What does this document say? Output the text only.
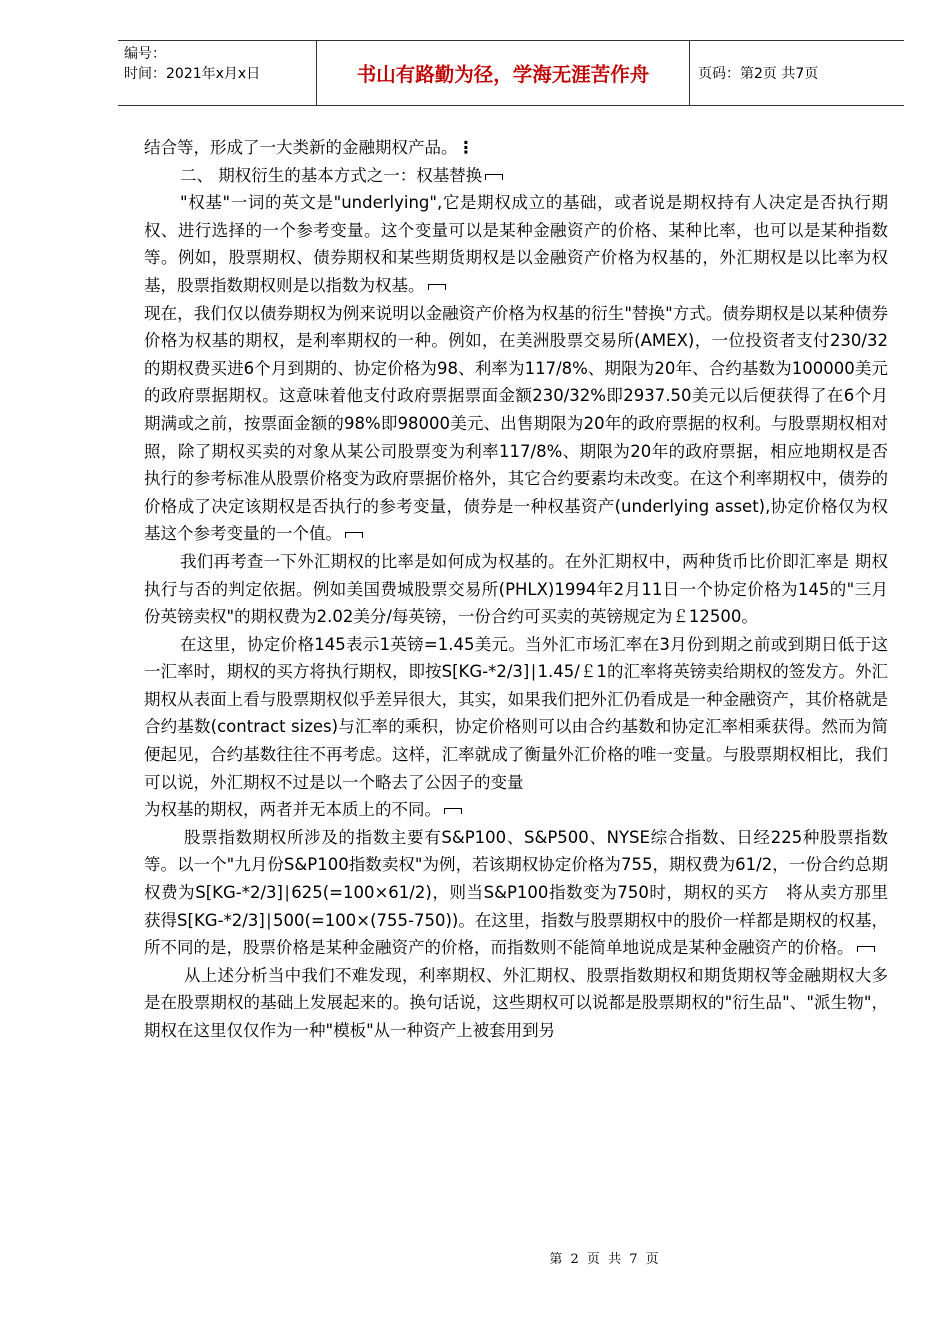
编号：
时间：2021年x月x日	书山有路勤为径，学海无涯苦作舟	页码：第2页 共7页

结合等，形成了一大类新的金融期权产品。⋮

二、 期权衍生的基本方式之一：权基替换

"权基"一词的英文是"underlying",它是期权成立的基础，或者说是期权持有人决定是否执行期权、进行选择的一个参考变量。这个变量可以是某种金融资产的价格、某种比率，也可以是某种指数等。例如，股票期权、债券期权和某些期货期权是以金融资产价格为权基的，外汇期权是以比率为权基，股票指数期权则是以指数为权基。

现在，我们仅以债券期权为例来说明以金融资产价格为权基的衍生"替换"方式。债券期权是以某种债券价格为权基的期权，是利率期权的一种。例如，在美洲股票交易所(AMEX)，一位投资者支付230/32的期权费买进6个月到期的、协定价格为98、利率为117/8%、期限为20年、合约基数为100000美元的政府票据期权。这意味着他支付政府票据票面金额230/32%即2937.50美元以后便获得了在6个月期满或之前，按票面金额的98%即98000美元、出售期限为20年的政府票据的权利。与股票期权相对照，除了期权买卖的对象从某公司股票变为利率117/8%、期限为20年的政府票据，相应地期权是否执行的参考标准从股票价格变为政府票据价格外，其它合约要素均未改变。在这个利率期权中，债券的价格成了决定该期权是否执行的参考变量，债券是一种权基资产(underlying asset),协定价格仅为权基这个参考变量的一个值。

我们再考查一下外汇期权的比率是如何成为权基的。在外汇期权中，两种货币比价即汇率是 期权执行与否的判定依据。例如美国费城股票交易所(PHLX)1994年2月11日一个协定价格为145的"三月份英镑卖权"的期权费为2.02美分/每英镑，一份合约可买卖的英镑规定为￡12500。

在这里，协定价格145表示1英镑=1.45美元。当外汇市场汇率在3月份到期之前或到期日低于这一汇率时，期权的买方将执行期权，即按S[KG-*2/3]∣1.45/￡1的汇率将英镑卖给期权的签发方。外汇期权从表面上看与股票期权似乎差异很大，其实，如果我们把外汇仍看成是一种金融资产，其价格就是合约基数(contract sizes)与汇率的乘积，协定价格则可以由合约基数和协定汇率相乘获得。然而为简便起见，合约基数往往不再考虑。这样，汇率就成了衡量外汇价格的唯一变量。与股票期权相比，我们可以说，外汇期权不过是以一个略去了公因子的变量

为权基的期权，两者并无本质上的不同。

股票指数期权所涉及的指数主要有S&P100、S&P500、NYSE综合指数、日经225种股票指数等。以一个"九月份S&P100指数卖权"为例，若该期权协定价格为755，期权费为61/2，一份合约总期权费为S[KG-*2/3]∣625(=100×61/2)，则当S&P100指数变为750时，期权的买方　将从卖方那里获得S[KG-*2/3]∣500(=100×(755-750))。在这里，指数与股票期权中的股价一样都是期权的权基，所不同的是，股票价格是某种金融资产的价格，而指数则不能简单地说成是某种金融资产的价格。

从上述分析当中我们不难发现，利率期权、外汇期权、股票指数期权和期货期权等金融期权大多是在股票期权的基础上发展起来的。换句话说，这些期权可以说都是股票期权的"衍生品"、"派生物"，期权在这里仅仅作为一种"模板"从一种资产上被套用到另

第 2 页 共 7 页
